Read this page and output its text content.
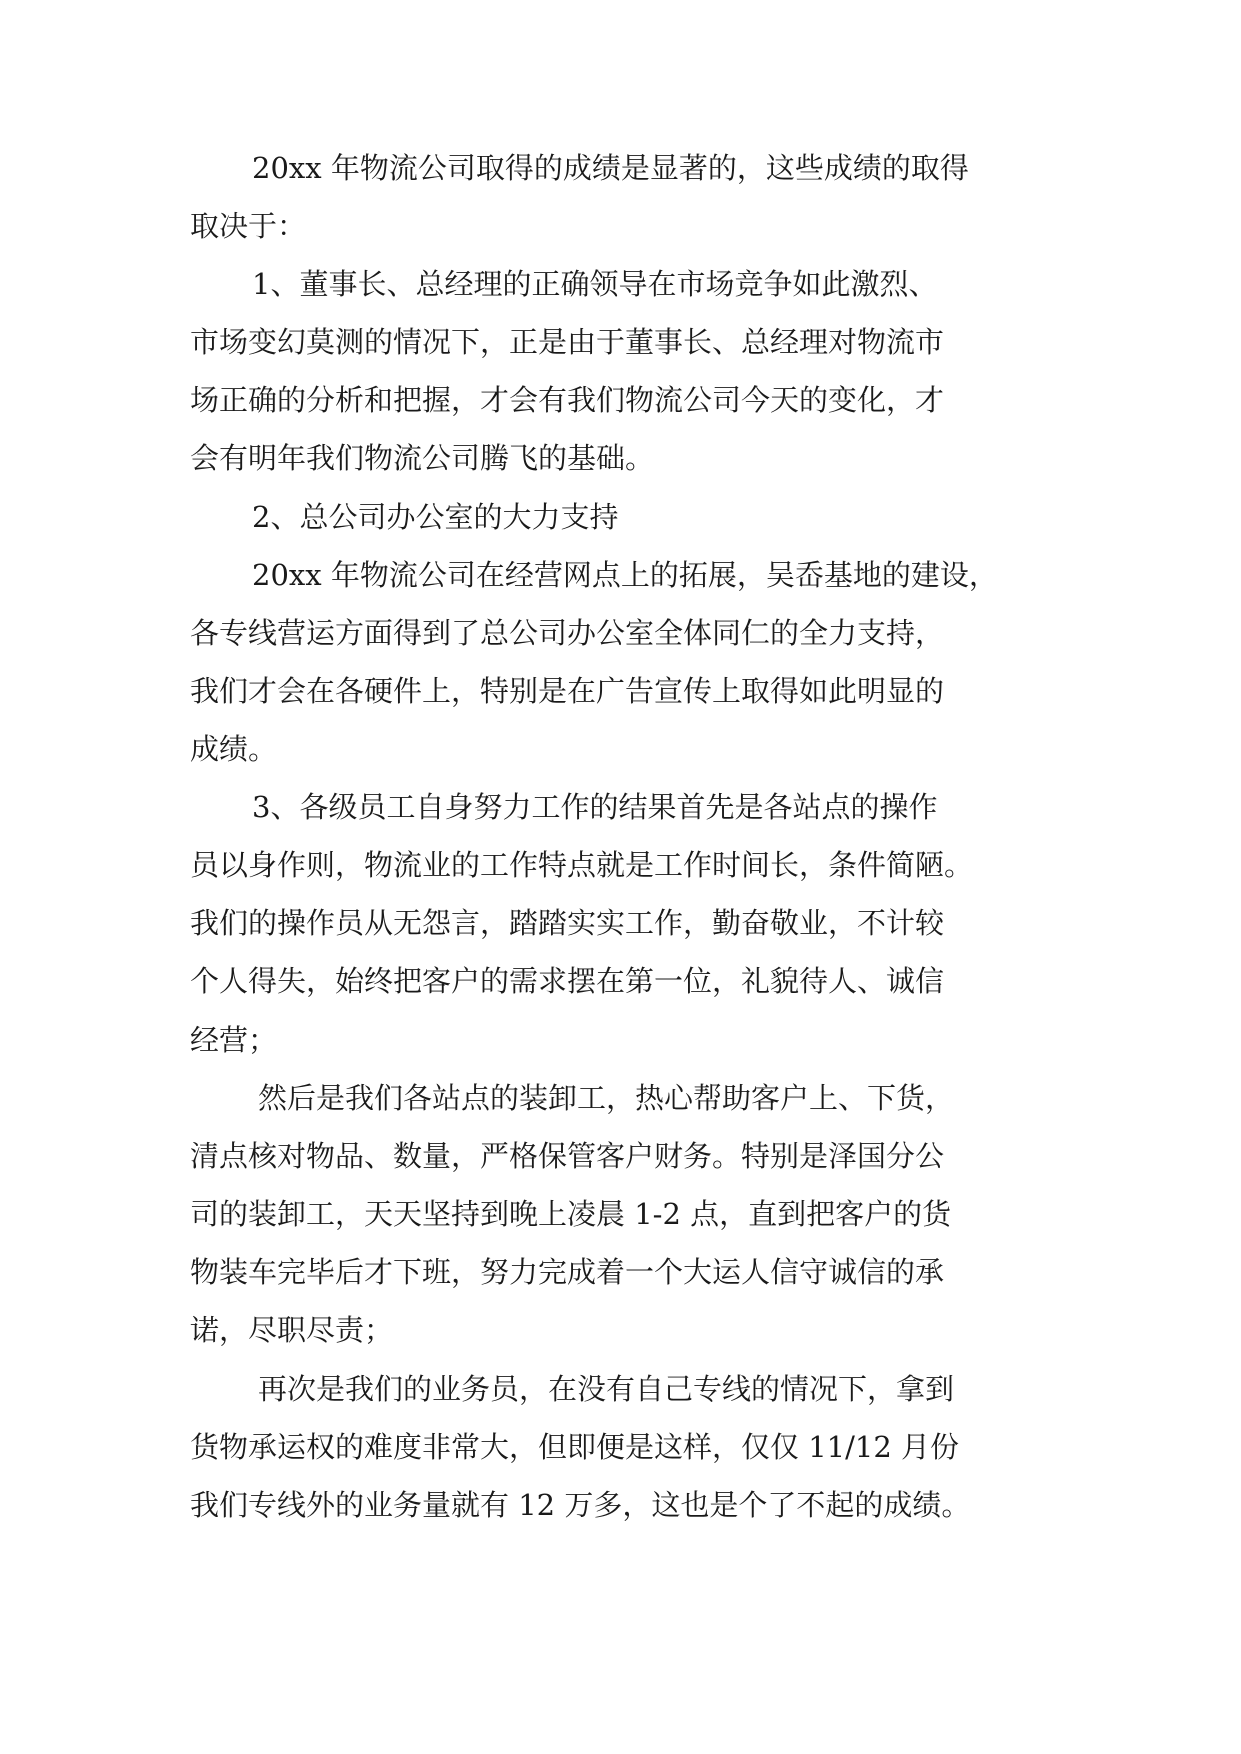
20xx 年物流公司取得的成绩是显著的，这些成绩的取得
取决于：
1、董事长、总经理的正确领导在市场竞争如此激烈、
市场变幻莫测的情况下，正是由于董事长、总经理对物流市
场正确的分析和把握，才会有我们物流公司今天的变化，才
会有明年我们物流公司腾飞的基础。
2、总公司办公室的大力支持
20xx 年物流公司在经营网点上的拓展，吴岙基地的建设，
各专线营运方面得到了总公司办公室全体同仁的全力支持，
我们才会在各硬件上，特别是在广告宣传上取得如此明显的
成绩。
3、各级员工自身努力工作的结果首先是各站点的操作
员以身作则，物流业的工作特点就是工作时间长，条件简陋。
我们的操作员从无怨言，踏踏实实工作，勤奋敬业，不计较
个人得失，始终把客户的需求摆在第一位，礼貌待人、诚信
经营；
然后是我们各站点的装卸工，热心帮助客户上、下货，
清点核对物品、数量，严格保管客户财务。特别是泽国分公
司的装卸工，天天坚持到晚上凌晨 1-2 点，直到把客户的货
物装车完毕后才下班，努力完成着一个大运人信守诚信的承
诺，尽职尽责；
再次是我们的业务员，在没有自己专线的情况下，拿到
货物承运权的难度非常大，但即便是这样，仅仅 11/12 月份
我们专线外的业务量就有 12 万多，这也是个了不起的成绩。
